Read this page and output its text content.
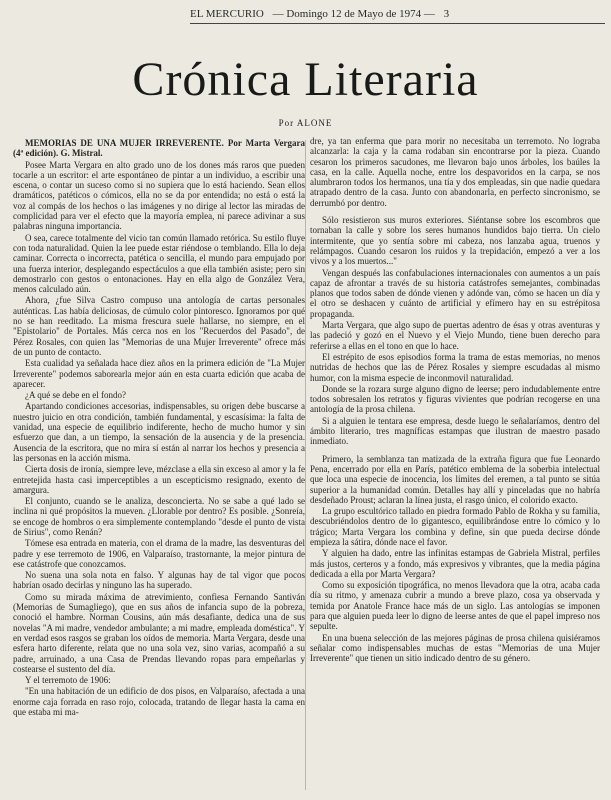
EL MERCURIO — Domingo 12 de Mayo de 1974 — 3
Crónica Literaria
Por ALONE

MEMORIAS DE UNA MUJER IRREVERENTE. Por Marta Vergara (4ª edición). G. Mistral.

Posee Marta Vergara en alto grado uno de los dones más raros que pueden tocarle a un escritor: el arte espontáneo de pintar a un individuo, a escribir una escena, o contar un suceso como si no supiera que lo está haciendo. Sean ellos dramáticos, patéticos o cómicos, ella no se da por entendida; no está o está la voz al compás de los hechos o las imágenes y no dirige al lector las miradas de complicidad para ver el efecto que la mayoría emplea, ni parece adivinar a sus palabras ninguna importancia.

O sea, carece totalmente del vicio tan común llamado retórica. Su estilo fluye con toda naturalidad. Quien la lee puede estar riéndose o temblando. Ella lo deja caminar. Correcta o incorrecta, patética o sencilla, el mundo para empujado por una fuerza interior, desplegando espectáculos a que ella también asiste; pero sin demostrarlo con gestos o entonaciones. Hay en ella algo de González Vera, menos calculado aún.

Ahora, ¿fue Silva Castro compuso una antología de cartas personales auténticas. Las había deliciosas, de cúmulo color pintoresco. Ignoramos por qué no se han reeditado. La misma frescura suele hallarse, no siempre, en el "Epistolario" de Portales. Más cerca nos en los "Recuerdos del Pasado", de Pérez Rosales, con quien las "Memorias de una Mujer Irreverente" ofrece más de un punto de contacto.

Esta cualidad ya señalada hace diez años en la primera edición de "La Mujer Irreverente" podemos saborearla mejor aún en esta cuarta edición que acaba de aparecer.

¿A qué se debe en el fondo?

Apartando condiciones accesorias, indispensables, su origen debe buscarse a nuestro juicio en otra condición, también fundamental, y escasísima: la falta de vanidad, una especie de equilibrio indiferente, hecho de mucho humor y sin esfuerzo que dan, a un tiempo, la sensación de la ausencia y de la presencia. Ausencia de la escritora, que no mira sí están al narrar los hechos y presencia a las personas en la acción misma.

Cierta dosis de ironía, siempre leve, mézclase a ella sin exceso al amor y la fe entretejida hasta casi imperceptibles a un escepticismo resignado, exento de amargura.

El conjunto, cuando se le analiza, desconcierta. No se sabe a qué lado se inclina ni qué propósitos la mueven. ¿Llorable por dentro? Es posible. ¿Sonreía, se encoge de hombros o era simplemente contemplando "desde el punto de vista de Sirius", como Renán?

Tómese esa entrada en materia, con el drama de la madre, las desventuras del padre y ese terremoto de 1906, en Valparaíso, trastornante, la mejor pintura de ese catástrofe que conozcamos.

No suena una sola nota en falso. Y algunas hay de tal vigor que pocos habrían osado decirlas y ninguno las ha superado.

Como su mirada máxima de atrevimiento, confiesa Fernando Santiván (Memorias de Sumagliego), que en sus años de infancia supo de la pobreza, conoció el hambre. Norman Cousins, aún más desafiante, dedica una de sus novelas "A mi madre, vendedor ambulante; a mi madre, empleada doméstica". Y en verdad esos rasgos se graban los oídos de memoria. Marta Vergara, desde una esfera harto diferente, relata que no una sola vez, sino varias, acompañó a su padre, arruinado, a una Casa de Prendas llevando ropas para empeñarlas y costearse el sustento del día.

Y el terremoto de 1906:

"En una habitación de un edificio de dos pisos, en Valparaíso, afectada a una enorme caja forrada en raso rojo, colocada, tratando de llegar hasta la cama en que estaba mi ma-

dre, ya tan enferma que para morir no necesitaba un terremoto. No lograba alcanzarla: la caja y la cama rodaban sin encontrarse por la pieza. Cuando cesaron los primeros sacudones, me llevaron bajo unos árboles, los baúles la casa, en la calle. Aquella noche, entre los despavoridos en la carpa, se nos alumbraron todos los hermanos, una tía y dos empleadas, sin que nadie quedara atrapado dentro de la casa. Junto con abandonarla, en perfecto sincronismo, se derrumbó por dentro.

Sólo resistieron sus muros exteriores. Siéntanse sobre los escombros que tornaban la calle y sobre los seres humanos hundidos bajo tierra. Un cielo intermitente, que yo sentía sobre mi cabeza, nos lanzaba agua, truenos y relámpagos. Cuando cesaron los ruidos y la trepidación, empezó a ver a los vivos y a los muertos..."

Vengan después las confabulaciones internacionales con aumentos a un país capaz de afrontar a través de su historia catástrofes semejantes, combinadas planos que todos saben de dónde vienen y adónde van, cómo se hacen un día y el otro se deshacen y cuánto de artificial y efímero hay en su estrépitosa propaganda.

Marta Vergara, que algo supo de puertas adentro de ésas y otras aventuras y las padeció y gozó en el Nuevo y el Viejo Mundo, tiene buen derecho para referirse a ellas en el tono en que lo hace.

El estrépito de esos episodios forma la trama de estas memorias, no menos nutridas de hechos que las de Pérez Rosales y siempre escudadas al mismo humor, con la misma especie de inconmovil naturalidad.

Donde se la rozara surge alguno digno de leerse; pero indudablemente entre todos sobresalen los retratos y figuras vivientes que podrían recogerse en una antología de la prosa chilena.

Si a alguien le tentara ese empresa, desde luego le señalaríamos, dentro del ámbito literario, tres magníficas estampas que ilustran de maestro pasado inmediato.

Primero, la semblanza tan matizada de la extraña figura que fue Leonardo Pena, encerrado por ella en París, patético emblema de la soberbia intelectual que loca una especie de inocencia, los límites del eremen, a tal punto se sitúa superior a la humanidad común. Detalles hay allí y pinceladas que no habría desdeñado Proust; aclaran la línea justa, el rasgo único, el colorido exacto.

La grupo escultórico tallado en piedra formado Pablo de Rokha y su familia, descubriéndolos dentro de lo gigantesco, equilibrándose entre lo cómico y lo trágico; Marta Vergara los combina y define, sin que pueda decirse dónde empieza la sátira, dónde nace el favor.

Y alguien ha dado, entre las infinitas estampas de Gabriela Mistral, perfiles más justos, certeros y a fondo, más expresivos y vibrantes, que la media página dedicada a ella por Marta Vergara?

Como su exposición tipográfica, no menos llevadora que la otra, acaba cada día su ritmo, y amenaza cubrir a mundo a breve plazo, cosa ya observada y temida por Anatole France hace más de un siglo. Las antologías se imponen para que alguien pueda leer lo digno de leerse antes de que el papel impreso nos sepulte.

En una buena selección de las mejores páginas de prosa chilena quisiéramos señalar como indispensables muchas de estas "Memorias de una Mujer Irreverente" que tienen un sitio indicado dentro de su género.
